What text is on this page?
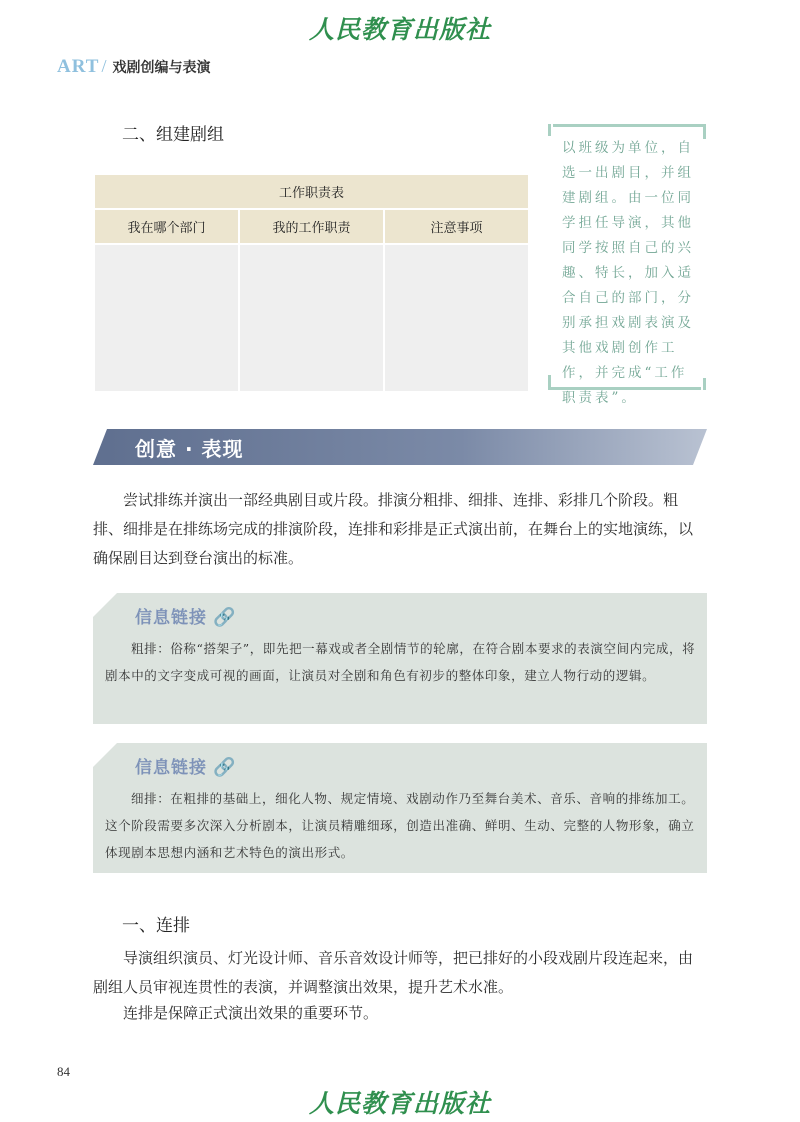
人民教育出版社
ART / 戏剧创编与表演
二、组建剧组
工作职责表		
我在哪个部门	我的工作职责	注意事项

以班级为单位，自选一出剧目，并组建剧组。由一位同学担任导演，其他同学按照自己的兴趣、特长，加入适合自己的部门，分别承担戏剧表演及其他戏剧创作工作，并完成“工作职责表”。
创意 · 表现
尝试排练并演出一部经典剧目或片段。排演分粗排、细排、连排、彩排几个阶段。粗排、细排是在排练场完成的排演阶段，连排和彩排是正式演出前，在舞台上的实地演练，以确保剧目达到登台演出的标准。
信息链接 🔗
粗排：俗称“搭架子”，即先把一幕戏或者全剧情节的轮廓，在符合剧本要求的表演空间内完成，将剧本中的文字变成可视的画面，让演员对全剧和角色有初步的整体印象，建立人物行动的逻辑。
信息链接 🔗
细排：在粗排的基础上，细化人物、规定情境、戏剧动作乃至舞台美术、音乐、音响的排练加工。这个阶段需要多次深入分析剧本，让演员精雕细琢，创造出准确、鲜明、生动、完整的人物形象，确立体现剧本思想内涵和艺术特色的演出形式。
一、连排
导演组织演员、灯光设计师、音乐音效设计师等，把已排好的小段戏剧片段连起来，由剧组人员审视连贯性的表演，并调整演出效果，提升艺术水准。
连排是保障正式演出效果的重要环节。
84
人民教育出版社
